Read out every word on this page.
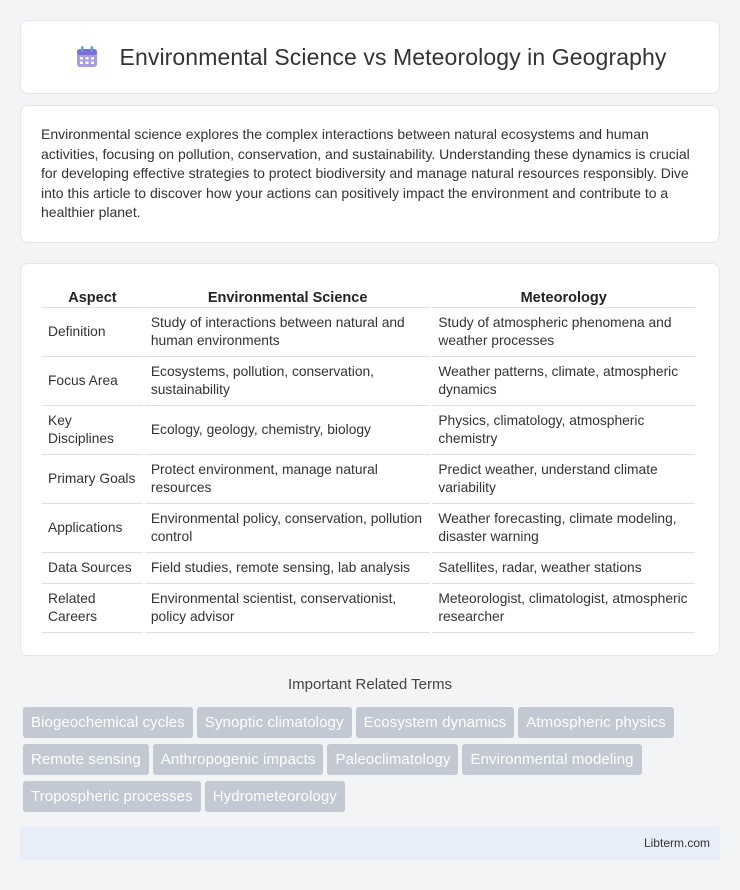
Environmental Science vs Meteorology in Geography

Environmental science explores the complex interactions between natural ecosystems and human activities, focusing on pollution, conservation, and sustainability. Understanding these dynamics is crucial for developing effective strategies to protect biodiversity and manage natural resources responsibly. Dive into this article to discover how your actions can positively impact the environment and contribute to a healthier planet.

Aspect	Environmental Science	Meteorology
Definition	Study of interactions between natural and human environments	Study of atmospheric phenomena and weather processes
Focus Area	Ecosystems, pollution, conservation, sustainability	Weather patterns, climate, atmospheric dynamics
Key Disciplines	Ecology, geology, chemistry, biology	Physics, climatology, atmospheric chemistry
Primary Goals	Protect environment, manage natural resources	Predict weather, understand climate variability
Applications	Environmental policy, conservation, pollution control	Weather forecasting, climate modeling, disaster warning
Data Sources	Field studies, remote sensing, lab analysis	Satellites, radar, weather stations
Related Careers	Environmental scientist, conservationist, policy advisor	Meteorologist, climatologist, atmospheric researcher
Important Related Terms
Biogeochemical cycles Synoptic climatology Ecosystem dynamics Atmospheric physics
Remote sensing Anthropogenic impacts Paleoclimatology Environmental modeling
Tropospheric processes Hydrometeorology
Libterm.com
